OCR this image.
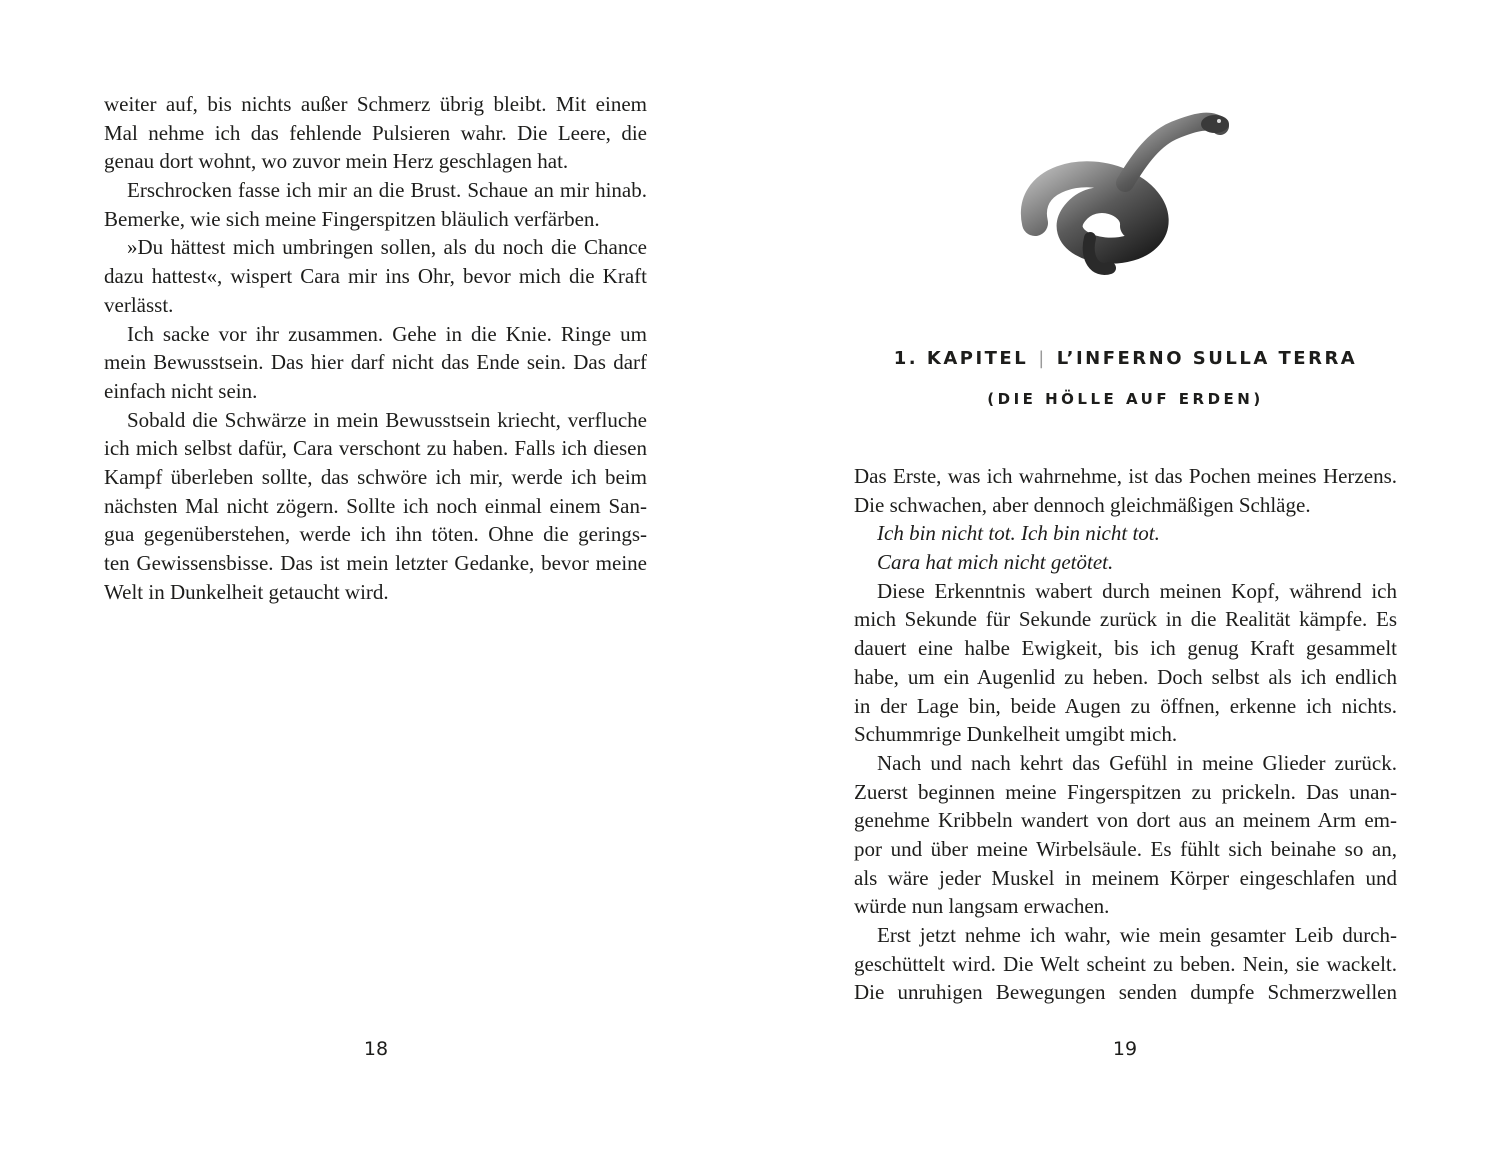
weiter auf, bis nichts außer Schmerz übrig bleibt. Mit einem
Mal nehme ich das fehlende Pulsieren wahr. Die Leere, die
genau dort wohnt, wo zuvor mein Herz geschlagen hat.
Erschrocken fasse ich mir an die Brust. Schaue an mir hinab.
Bemerke, wie sich meine Fingerspitzen bläulich verfärben.
»Du hättest mich umbringen sollen, als du noch die Chance
dazu hattest«, wispert Cara mir ins Ohr, bevor mich die Kraft
verlässt.
Ich sacke vor ihr zusammen. Gehe in die Knie. Ringe um
mein Bewusstsein. Das hier darf nicht das Ende sein. Das darf
einfach nicht sein.
Sobald die Schwärze in mein Bewusstsein kriecht, verfluche
ich mich selbst dafür, Cara verschont zu haben. Falls ich diesen
Kampf überleben sollte, das schwöre ich mir, werde ich beim
nächsten Mal nicht zögern. Sollte ich noch einmal einem San-
gua gegenüberstehen, werde ich ihn töten. Ohne die gerings-
ten Gewissensbisse. Das ist mein letzter Gedanke, bevor meine
Welt in Dunkelheit getaucht wird.
18
1. KAPITEL | L’INFERNO SULLA TERRA
(DIE HÖLLE AUF ERDEN)
Das Erste, was ich wahrnehme, ist das Pochen meines Herzens.
Die schwachen, aber dennoch gleichmäßigen Schläge.
Ich bin nicht tot. Ich bin nicht tot.
Cara hat mich nicht getötet.
Diese Erkenntnis wabert durch meinen Kopf, während ich
mich Sekunde für Sekunde zurück in die Realität kämpfe. Es
dauert eine halbe Ewigkeit, bis ich genug Kraft gesammelt
habe, um ein Augenlid zu heben. Doch selbst als ich endlich
in der Lage bin, beide Augen zu öffnen, erkenne ich nichts.
Schummrige Dunkelheit umgibt mich.
Nach und nach kehrt das Gefühl in meine Glieder zurück.
Zuerst beginnen meine Fingerspitzen zu prickeln. Das unan-
genehme Kribbeln wandert von dort aus an meinem Arm em-
por und über meine Wirbelsäule. Es fühlt sich beinahe so an,
als wäre jeder Muskel in meinem Körper eingeschlafen und
würde nun langsam erwachen.
Erst jetzt nehme ich wahr, wie mein gesamter Leib durch-
geschüttelt wird. Die Welt scheint zu beben. Nein, sie wackelt.
Die unruhigen Bewegungen senden dumpfe Schmerzwellen
19
